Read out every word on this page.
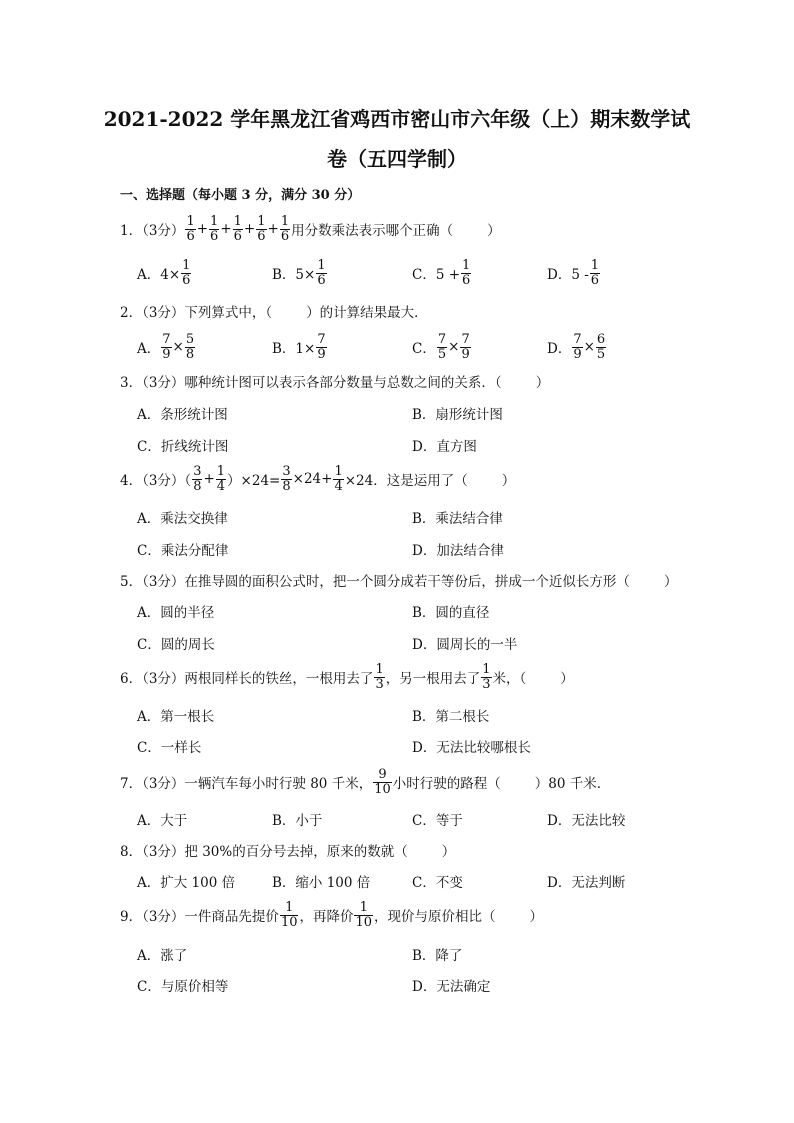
2021-2022 学年黑龙江省鸡西市密山市六年级（上）期末数学试
卷（五四学制）
一、选择题（每小题 3 分，满分 30 分）
1．（3分） $\frac{1}{6} + \frac{1}{6} + \frac{1}{6} + \frac{1}{6} + \frac{1}{6}$ 用分数乘法表示哪个正确（	）
A．$4\times \frac{1}{6}$	B．$5\times \frac{1}{6}$	C．$5 + \frac{1}{6}$	D．$5 - \frac{1}{6}$
2．（3分）下列算式中，（	）的计算结果最大．
A． $\frac{7}{9} \times \frac{5}{8}$	B．$1\times \frac{7}{9}$	C． $\frac{7}{5} \times \frac{7}{9}$	D． $\frac{7}{9} \times \frac{6}{5}$
3．（3分）哪种统计图可以表示各部分数量与总数之间的关系．（	）
A．条形统计图	B．扇形统计图
C．折线统计图	D．直方图
4．（3分）（ $\frac{3}{8} + \frac{1}{4} )\times 24= \frac{3}{8} \times 24+ \frac{1}{4} \times 24$．这是运用了（	）
A．乘法交换律	B．乘法结合律
C．乘法分配律	D．加法结合律
5．（3分）在推导圆的面积公式时，把一个圆分成若干等份后，拼成一个近似长方形（	）
A．圆的半径	B．圆的直径
C．圆的周长	D．圆周长的一半
6．（3分）两根同样长的铁丝，一根用去了 $\frac{1}{3}$ ，另一根用去了 $\frac{1}{3}$ 米，（	）
A．第一根长	B．第二根长
C．一样长	D．无法比较哪根长
7．（3分）一辆汽车每小时行驶 80 千米， $\frac{9}{10}$ 小时行驶的路程（	）80 千米．
A．大于	B．小于	C．等于	D．无法比较
8．（3分）把 30%的百分号去掉，原来的数就（	）
A．扩大 100 倍	B．缩小 100 倍	C．不变	D．无法判断
9．（3分）一件商品先提价 $\frac{1}{10}$ ，再降价 $\frac{1}{10}$ ，现价与原价相比（	）
A．涨了	B．降了
C．与原价相等	D．无法确定
